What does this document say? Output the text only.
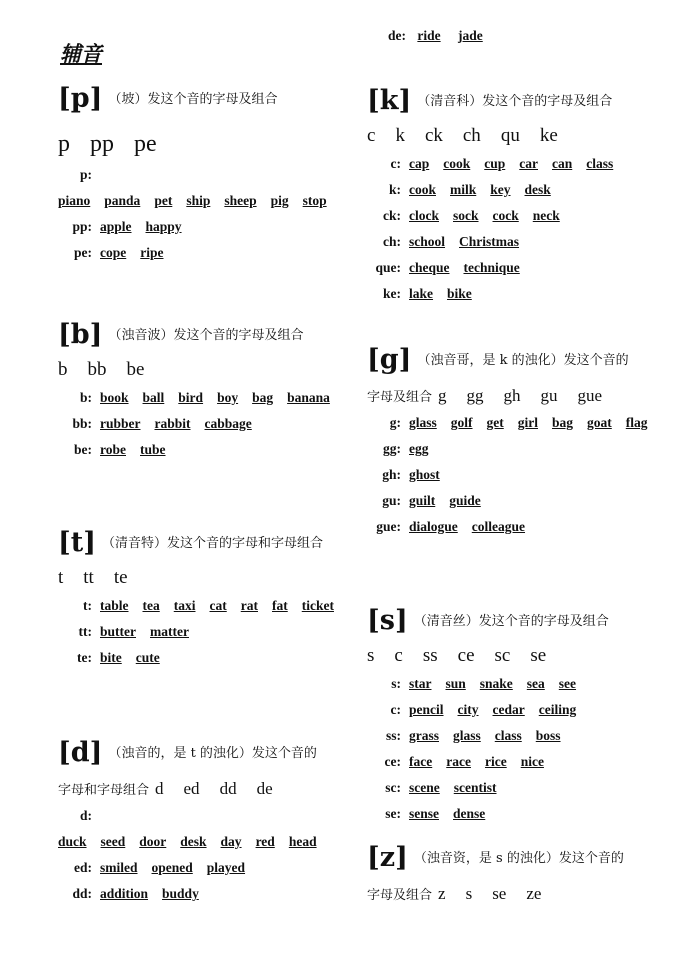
辅音
de: ride jade
[p] $^{(坡)发这个音的字母及组合}$
p pp pe
p:piano panda pet ship sheep pig stop
pp: apple happy
pe: cope ripe
[b] $^{(浊音波)发这个音的字母及组合}$
b bb be
b: book ball bird boy bag banana
bb: rubber rabbit cabbage
be: robe tube
[t] $^{(清音特)发这个音的字母和字母组合}$
t tt te
t: table tea taxi cat rat fat ticket
tt: butter matter
te: bite cute
[d] $^{(浊音的,是 t 的浊化)发这个音的}$
字母和字母组合 d ed dd de
d:duck seed door desk day red head
ed: smiled opened played
dd: addition buddy
[k] $^{(清音科)发这个音的字母及组合}$
c k ck ch qu ke
c: cap cook cup car can class
k: cook milk key desk
ck: clock sock cock neck
ch: school Christmas
que: cheque technique
ke: lake bike
[g] $^{(浊音哥,是 k 的浊化)发这个音的}$
字母及组合 g gg gh gu gue
g: glass golf get girl bag goat flag
gg: egg
gh: ghost
gu: guilt guide
gue: dialogue colleague
[s] $^{(清音丝)发这个音的字母及组合}$
s c ss ce sc se
s: star sun snake sea see
c: pencil city cedar ceiling
ss: grass glass class boss
ce: face race rice nice
sc: scene scentist
se: sense dense
[z] $^{(浊音资,是 s 的浊化)发这个音的}$
字母及组合 z s se ze
